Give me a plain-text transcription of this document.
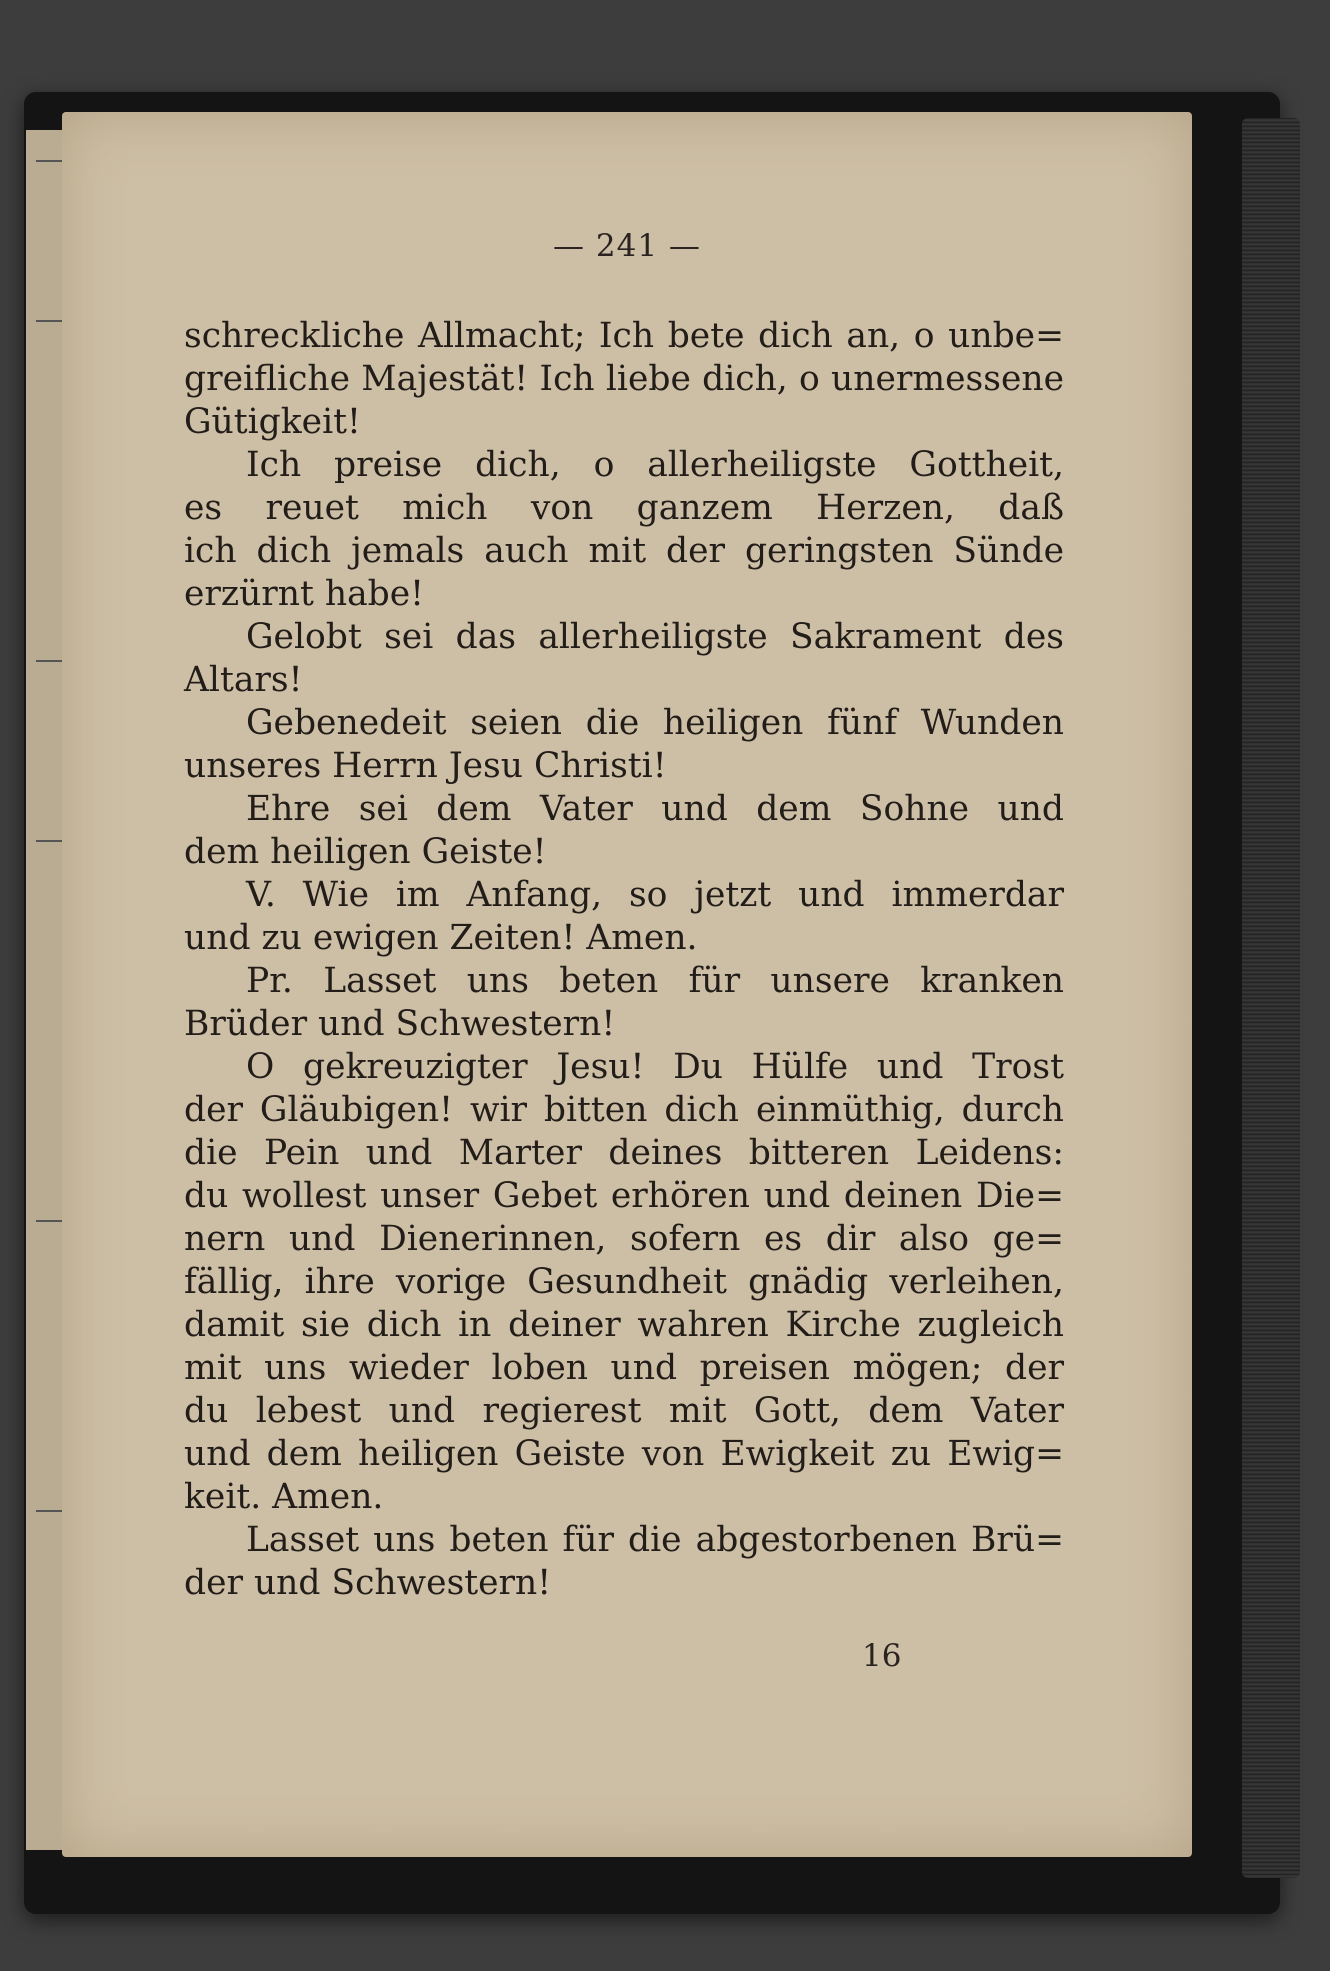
— 241 —
schreckliche Allmacht; Ich bete dich an, o unbe=
greifliche Majestät! Ich liebe dich, o unermessene
Gütigkeit!
Ich preise dich, o allerheiligste Gottheit,
es reuet mich von ganzem Herzen, daß
ich dich jemals auch mit der geringsten Sünde
erzürnt habe!
Gelobt sei das allerheiligste Sakrament des
Altars!
Gebenedeit seien die heiligen fünf Wunden
unseres Herrn Jesu Christi!
Ehre sei dem Vater und dem Sohne und
dem heiligen Geiste!
V. Wie im Anfang, so jetzt und immerdar
und zu ewigen Zeiten! Amen.
Pr. Lasset uns beten für unsere kranken
Brüder und Schwestern!
O gekreuzigter Jesu! Du Hülfe und Trost
der Gläubigen! wir bitten dich einmüthig, durch
die Pein und Marter deines bitteren Leidens:
du wollest unser Gebet erhören und deinen Die=
nern und Dienerinnen, sofern es dir also ge=
fällig, ihre vorige Gesundheit gnädig verleihen,
damit sie dich in deiner wahren Kirche zugleich
mit uns wieder loben und preisen mögen; der
du lebest und regierest mit Gott, dem Vater
und dem heiligen Geiste von Ewigkeit zu Ewig=
keit. Amen.
Lasset uns beten für die abgestorbenen Brü=
der und Schwestern!
16
